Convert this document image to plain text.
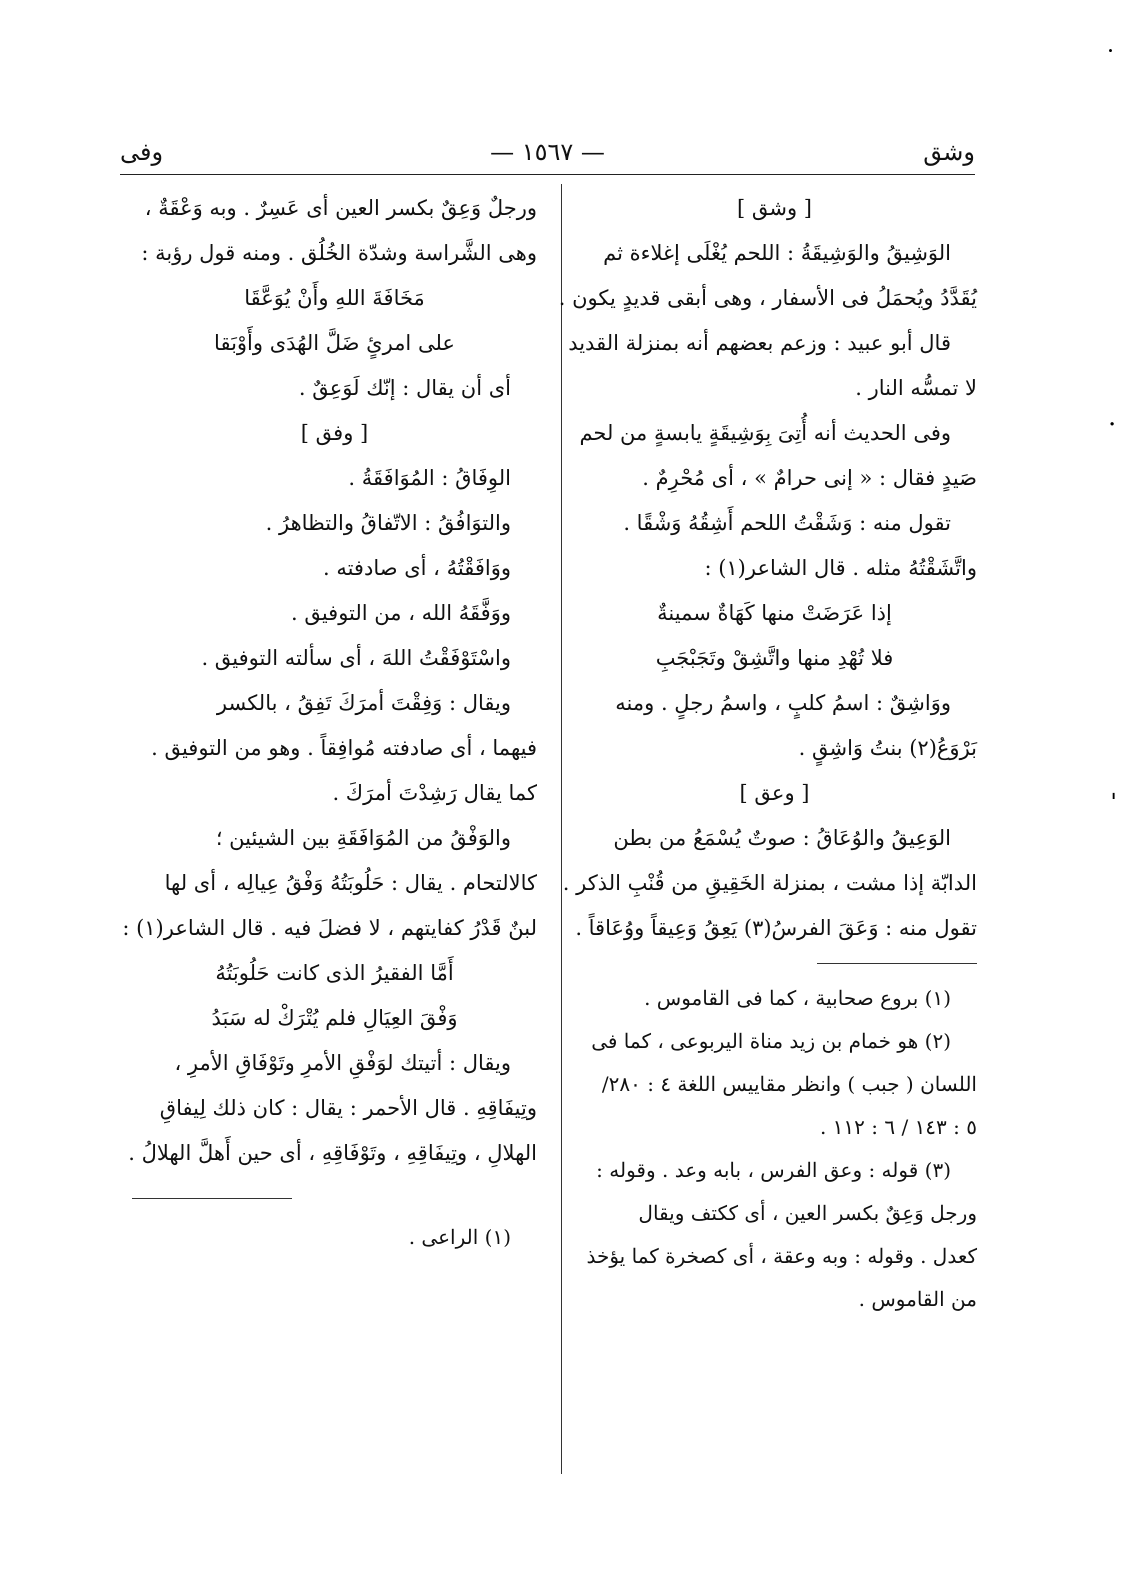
وشق
— ١٥٦٧ —
وفى
[ وشق ]
الوَشِيقُ والوَشِيقَةُ : اللحم يُغْلَى إغلاءة ثم
يُقَدَّدُ ويُحمَلُ فى الأسفار ، وهى أبقى قديدٍ يكون .
قال أبو عبيد : وزعم بعضهم أنه بمنزلة القديد
لا تمسُّه النار .
وفى الحديث أنه أُتِىَ بِوَشِيقَةٍ يابسةٍ من لحم
صَيدٍ فقال : « إنى حرامٌ » ، أى مُحْرِمٌ .
تقول منه : وَشَقْتُ اللحم أَشِقُهُ وَشْقًا .
واتَّشَقْتُهُ مثله . قال الشاعر(١) :
إذا عَرَضَتْ منها كَهَاةٌ سمينةٌ
فلا تُهْدِ منها واتَّشِقْ وتَجَبْجَبِ
ووَاشِقٌ : اسمُ كلبٍ ، واسمُ رجلٍ . ومنه
بَرْوَعُ(٢) بنتُ وَاشِقٍ .
[ وعق ]
الوَعِيقُ والوُعَاقُ : صوتٌ يُسْمَعُ من بطن
الدابّة إذا مشت ، بمنزلة الخَقِيقِ من قُنْبِ الذكر .
تقول منه : وَعَقَ الفرسُ(٣) يَعِقُ وَعِيقاً ووُعَاقاً .
(١) بروع صحابية ، كما فى القاموس .
(٢) هو خمام بن زيد مناة اليربوعى ، كما فى
اللسان ( جبب ) وانظر مقاييس اللغة ٤ : ٢٨٠/
٥ : ١٤٣ / ٦ : ١١٢ .
(٣) قوله : وعق الفرس ، بابه وعد . وقوله :
ورجل وَعِقٌ بكسر العين ، أى ككتف ويقال
كعدل . وقوله : وبه وعقة ، أى كصخرة كما يؤخذ
من القاموس .
ورجلٌ وَعِقٌ بكسر العين أى عَسِرٌ . وبه وَعْقَةٌ ،
وهى الشَّراسة وشدّة الخُلُق . ومنه قول رؤبة :
مَخَافَةَ اللهِ وأَنْ يُوَعَّقَا
على امرئٍ ضَلَّ الهُدَى وأَوْبَقا
أى أن يقال : إنّك لَوَعِقٌ .
[ وفق ]
الوِفَاقُ : المُوَافَقَةُ .
والتوَافُقُ : الاتّفاقُ والتظاهرُ .
ووَافَقْتُهُ ، أى صادفته .
ووَفَّقَهُ الله ، من التوفيق .
واسْتَوْفَقْتُ اللهَ ، أى سألته التوفيق .
ويقال : وَفِقْتَ أمرَكَ تَفِقُ ، بالكسر
فيهما ، أى صادفته مُوافِقاً . وهو من التوفيق .
كما يقال رَشِدْتَ أمرَكَ .
والوَفْقُ من المُوَافَقَةِ بين الشيئين ؛
كالالتحام . يقال : حَلُوبَتُهُ وَفْقُ عِيالِه ، أى لها
لبنٌ قَدْرُ كفايتهم ، لا فضلَ فيه . قال الشاعر(١) :
أَمَّا الفقيرُ الذى كانت حَلُوبَتُهُ
وَفْقَ العِيَالِ فلم يُتْرَكْ له سَبَدُ
ويقال : أتيتك لوَفْقِ الأمرِ وتَوْفَاقِ الأمرِ ،
وتِيفَاقِهِ . قال الأحمر : يقال : كان ذلك لِيفاقِ
الهلالِ ، وتِيفَاقِهِ ، وتَوْفَاقِهِ ، أى حين أَهلَّ الهلالُ .
(١) الراعى .
˙
·
ˈ
